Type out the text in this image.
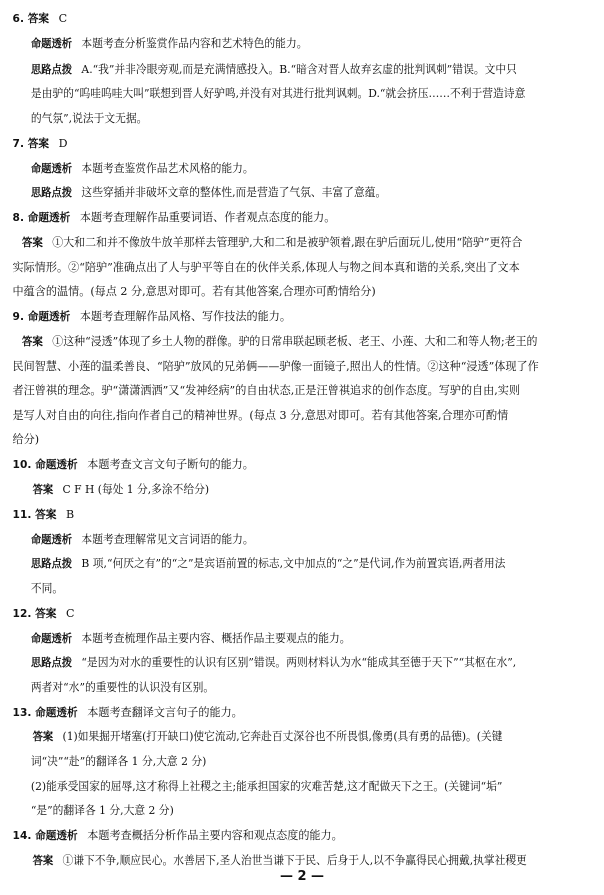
6. 答案 C
命题透析 本题考查分析鉴赏作品内容和艺术特色的能力。
思路点拨 A.“我”并非冷眼旁观,而是充满情感投入。B.“暗含对晋人故弃玄虚的批判讽刺”错误。文中只
是由驴的“呜哇呜哇大叫”联想到晋人好驴鸣,并没有对其进行批判讽刺。D.“就会挤压……不利于营造诗意
的气氛”,说法于文无据。
7. 答案 D
命题透析 本题考查鉴赏作品艺术风格的能力。
思路点拨 这些穿插并非破坏文章的整体性,而是营造了气氛、丰富了意蕴。
8. 命题透析 本题考查理解作品重要词语、作者观点态度的能力。
答案 ①大和二和并不像放牛放羊那样去管理驴,大和二和是被驴领着,跟在驴后面玩儿,使用“陪驴”更符合
实际情形。②“陪驴”准确点出了人与驴平等自在的伙伴关系,体现人与物之间本真和谐的关系,突出了文本
中蕴含的温情。(每点 2 分,意思对即可。若有其他答案,合理亦可酌情给分)
9. 命题透析 本题考查理解作品风格、写作技法的能力。
答案 ①这种“浸透”体现了乡土人物的群像。驴的日常串联起顾老板、老王、小莲、大和二和等人物;老王的
民间智慧、小莲的温柔善良、“陪驴”放风的兄弟俩——驴像一面镜子,照出人的性情。②这种“浸透”体现了作
者汪曾祺的理念。驴“潇潇洒洒”又“发神经病”的自由状态,正是汪曾祺追求的创作态度。写驴的自由,实则
是写人对自由的向往,指向作者自己的精神世界。(每点 3 分,意思对即可。若有其他答案,合理亦可酌情
给分)
10. 命题透析 本题考查文言文句子断句的能力。
答案 C F H (每处 1 分,多涂不给分)
11. 答案 B
命题透析 本题考查理解常见文言词语的能力。
思路点拨 B 项,“何厌之有”的“之”是宾语前置的标志,文中加点的“之”是代词,作为前置宾语,两者用法
不同。
12. 答案 C
命题透析 本题考查梳理作品主要内容、概括作品主要观点的能力。
思路点拨 “是因为对水的重要性的认识有区别”错误。两则材料认为水“能成其至德于天下”“其枢在水”,
两者对“水”的重要性的认识没有区别。
13. 命题透析 本题考查翻译文言句子的能力。
答案 (1)如果掘开堵塞(打开缺口)使它流动,它奔赴百丈深谷也不所畏惧,像勇(具有勇的品德)。(关键
词“决”“赴”的翻译各 1 分,大意 2 分)
(2)能承受国家的屈辱,这才称得上社稷之主;能承担国家的灾难苦楚,这才配做天下之王。(关键词“垢”
“是”的翻译各 1 分,大意 2 分)
14. 命题透析 本题考查概括分析作品主要内容和观点态度的能力。
答案 ①谦下不争,顺应民心。水善居下,圣人治世当谦下于民、后身于人,以不争赢得民心拥戴,执掌社稷更
— 2 —
